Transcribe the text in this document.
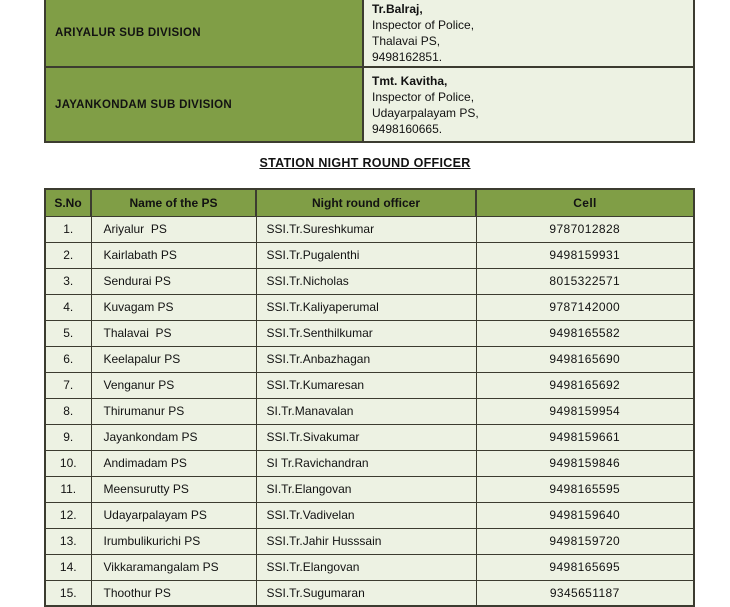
ARIYALUR SUB DIVISION	Tr.Balraj,
Inspector of Police,
Thalavai PS,
9498162851.

JAYANKONDAM SUB DIVISION	Tmt. Kavitha,
Inspector of Police,
Udayarpalayam PS,
9498160665.
STATION NIGHT ROUND OFFICER
S.No	Name of the PS	Night round officer	Cell
1.	Ariyalur  PS	SSI.Tr.Sureshkumar	9787012828
2.	Kairlabath PS	SSI.Tr.Pugalenthi	9498159931
3.	Sendurai PS	SSI.Tr.Nicholas	8015322571
4.	Kuvagam PS	SSI.Tr.Kaliyaperumal	9787142000
5.	Thalavai  PS	SSI.Tr.Senthilkumar	9498165582
6.	Keelapalur PS	SSI.Tr.Anbazhagan	9498165690
7.	Venganur PS	SSI.Tr.Kumaresan	9498165692
8.	Thirumanur PS	SI.Tr.Manavalan	9498159954
9.	Jayankondam PS	SSI.Tr.Sivakumar	9498159661
10.	Andimadam PS	SI Tr.Ravichandran	9498159846
11.	Meensurutty PS	SI.Tr.Elangovan	9498165595
12.	Udayarpalayam PS	SSI.Tr.Vadivelan	9498159640
13.	Irumbulikurichi PS	SSI.Tr.Jahir Husssain	9498159720
14.	Vikkaramangalam PS	SSI.Tr.Elangovan	9498165695
15.	Thoothur PS	SSI.Tr.Sugumaran	9345651187
